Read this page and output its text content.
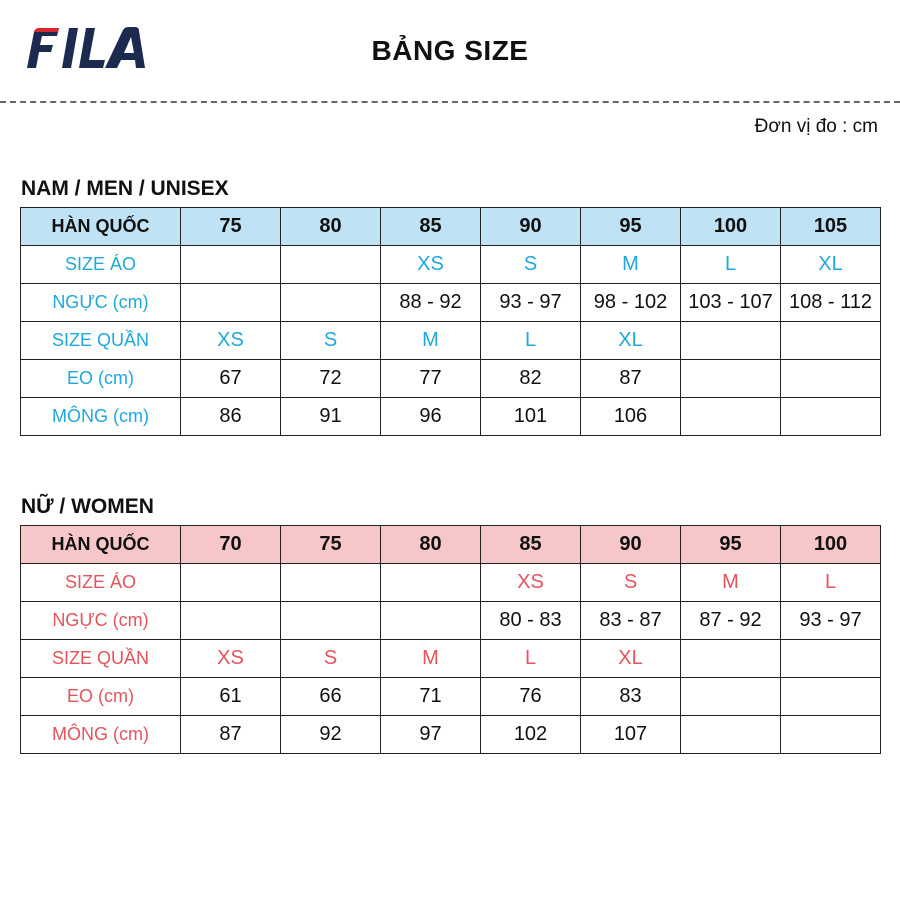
BẢNG SIZE
Đơn vị đo : cm
NAM / MEN / UNISEX
HÀN QUỐC	75	80	85	90	95	100	105
SIZE ÁO			XS	S	M	L	XL
NGỰC (cm)			88 - 92	93 - 97	98 - 102	103 - 107	108 - 112
SIZE QUẦN	XS	S	M	L	XL		
EO (cm)	67	72	77	82	87		
MÔNG (cm)	86	91	96	101	106		
NỮ / WOMEN
HÀN QUỐC	70	75	80	85	90	95	100
SIZE ÁO				XS	S	M	L
NGỰC (cm)				80 - 83	83 - 87	87 - 92	93 - 97
SIZE QUẦN	XS	S	M	L	XL		
EO (cm)	61	66	71	76	83		
MÔNG (cm)	87	92	97	102	107		
